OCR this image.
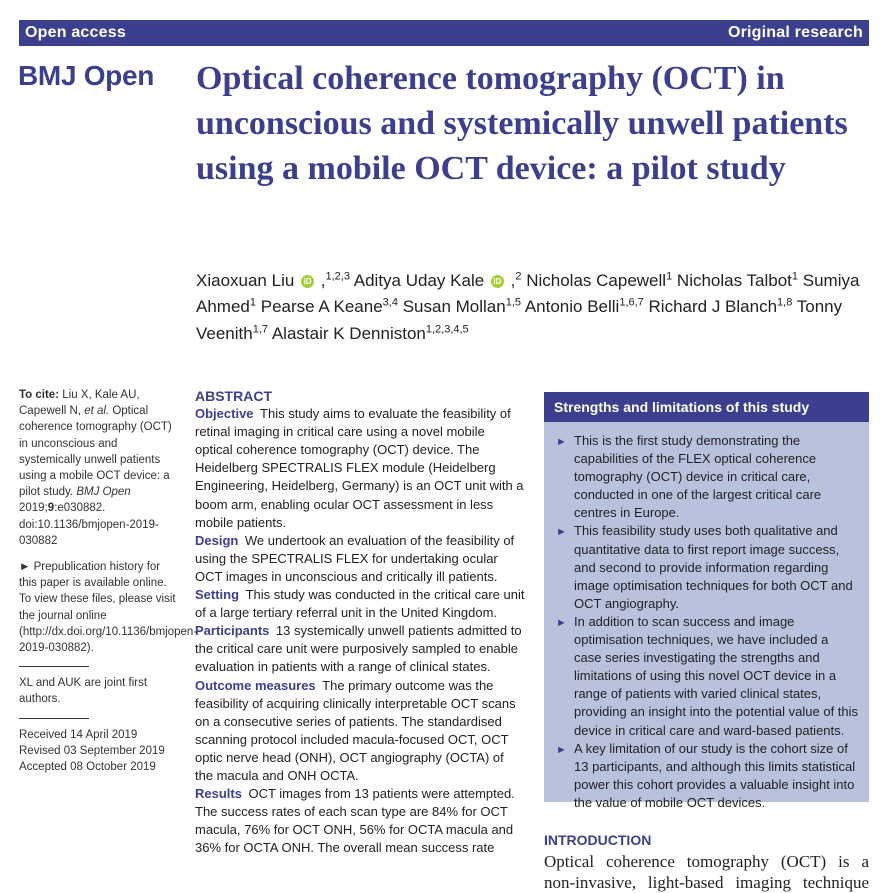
Open access	Original research
BMJ Open Optical coherence tomography (OCT) in unconscious and systemically unwell patients using a mobile OCT device: a pilot study
Xiaoxuan Liu iD ,$^{1,2,3}$ Aditya Uday Kale iD ,$^2$ Nicholas Capewell$^1$ Nicholas Talbot$^1$ Sumiya Ahmed$^1$ Pearse A Keane$^{3,4}$ Susan Mollan$^{1,5}$ Antonio Belli$^{1,6,7}$ Richard J Blanch$^{1,8}$ Tonny Veenith$^{1,7}$ Alastair K Denniston$^{1,2,3,4,5}$

To cite: Liu X, Kale AU, Capewell N, et al. Optical coherence tomography (OCT) in unconscious and systemically unwell patients using a mobile OCT device: a pilot study. BMJ Open 2019;9:e030882. doi:10.1136/bmjopen-2019-030882

► Prepublication history for this paper is available online. To view these files, please visit the journal online (http://dx.doi.org/10.1136/bmjopen-2019-030882).

XL and AUK are joint first authors.

Received 14 April 2019

Revised 03 September 2019

Accepted 08 October 2019

ABSTRACT

Objective  This study aims to evaluate the feasibility of retinal imaging in critical care using a novel mobile optical coherence tomography (OCT) device. The Heidelberg SPECTRALIS FLEX module (Heidelberg Engineering, Heidelberg, Germany) is an OCT unit with a boom arm, enabling ocular OCT assessment in less mobile patients.

Design  We undertook an evaluation of the feasibility of using the SPECTRALIS FLEX for undertaking ocular OCT images in unconscious and critically ill patients.

Setting  This study was conducted in the critical care unit of a large tertiary referral unit in the United Kingdom.

Participants  13 systemically unwell patients admitted to the critical care unit were purposively sampled to enable evaluation in patients with a range of clinical states.

Outcome measures  The primary outcome was the feasibility of acquiring clinically interpretable OCT scans on a consecutive series of patients. The standardised scanning protocol included macula-focused OCT, OCT optic nerve head (ONH), OCT angiography (OCTA) of the macula and ONH OCTA.

Results  OCT images from 13 patients were attempted. The success rates of each scan type are 84% for OCT macula, 76% for OCT ONH, 56% for OCTA macula and 36% for OCTA ONH. The overall mean success rate

Strengths and limitations of this study
► This is the first study demonstrating the capabilities of the FLEX optical coherence tomography (OCT) device in critical care, conducted in one of the largest critical care centres in Europe.
► This feasibility study uses both qualitative and quantitative data to first report image success, and second to provide information regarding image optimisation techniques for both OCT and OCT angiography.
► In addition to scan success and image optimisation techniques, we have included a case series investigating the strengths and limitations of using this novel OCT device in a range of patients with varied clinical states, providing an insight into the potential value of this device in critical care and ward-based patients.
► A key limitation of our study is the cohort size of 13 participants, and although this limits statistical power this cohort provides a valuable insight into the value of mobile OCT devices.
INTRODUCTION
Optical coherence tomography (OCT) is a
non-invasive, light-based imaging technique
